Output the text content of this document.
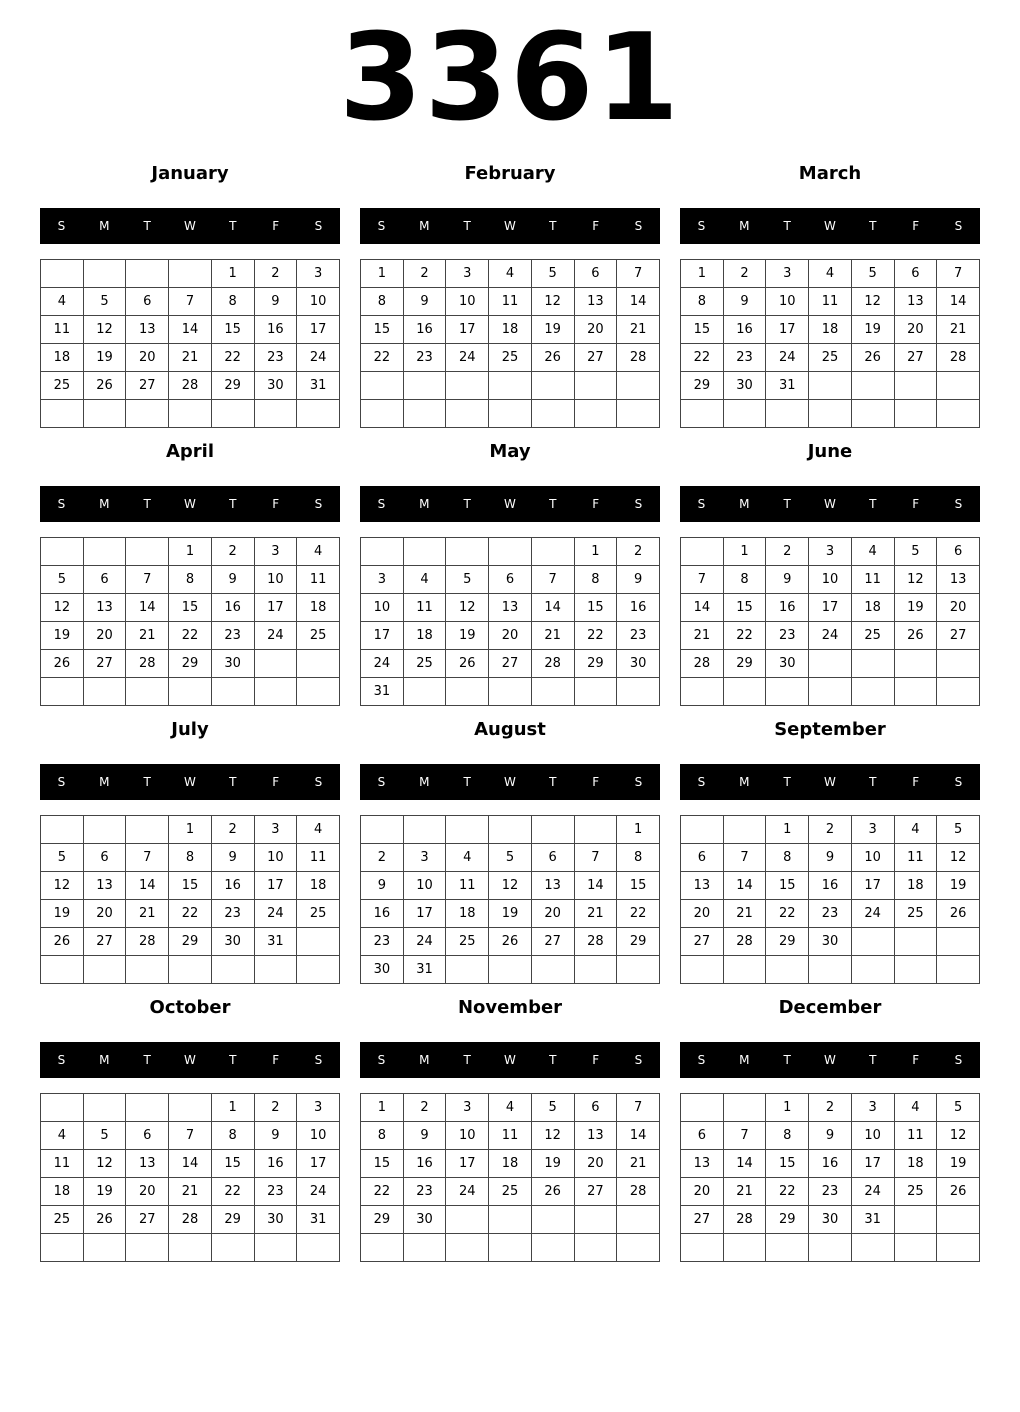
3361
January
S	M	T	W	T	F	S
				1	2	3
4	5	6	7	8	9	10
11	12	13	14	15	16	17
18	19	20	21	22	23	24
25	26	27	28	29	30	31

February
S	M	T	W	T	F	S
1	2	3	4	5	6	7
8	9	10	11	12	13	14
15	16	17	18	19	20	21
22	23	24	25	26	27	28

March
S	M	T	W	T	F	S
1	2	3	4	5	6	7
8	9	10	11	12	13	14
15	16	17	18	19	20	21
22	23	24	25	26	27	28
29	30	31				

April
S	M	T	W	T	F	S
			1	2	3	4
5	6	7	8	9	10	11
12	13	14	15	16	17	18
19	20	21	22	23	24	25
26	27	28	29	30		

May
S	M	T	W	T	F	S
					1	2
3	4	5	6	7	8	9
10	11	12	13	14	15	16
17	18	19	20	21	22	23
24	25	26	27	28	29	30
31						
June
S	M	T	W	T	F	S
	1	2	3	4	5	6
7	8	9	10	11	12	13
14	15	16	17	18	19	20
21	22	23	24	25	26	27
28	29	30				

July
S	M	T	W	T	F	S
			1	2	3	4
5	6	7	8	9	10	11
12	13	14	15	16	17	18
19	20	21	22	23	24	25
26	27	28	29	30	31	

August
S	M	T	W	T	F	S
						1
2	3	4	5	6	7	8
9	10	11	12	13	14	15
16	17	18	19	20	21	22
23	24	25	26	27	28	29
30	31					
September
S	M	T	W	T	F	S
		1	2	3	4	5
6	7	8	9	10	11	12
13	14	15	16	17	18	19
20	21	22	23	24	25	26
27	28	29	30			

October
S	M	T	W	T	F	S
				1	2	3
4	5	6	7	8	9	10
11	12	13	14	15	16	17
18	19	20	21	22	23	24
25	26	27	28	29	30	31

November
S	M	T	W	T	F	S
1	2	3	4	5	6	7
8	9	10	11	12	13	14
15	16	17	18	19	20	21
22	23	24	25	26	27	28
29	30					

December
S	M	T	W	T	F	S
		1	2	3	4	5
6	7	8	9	10	11	12
13	14	15	16	17	18	19
20	21	22	23	24	25	26
27	28	29	30	31		
